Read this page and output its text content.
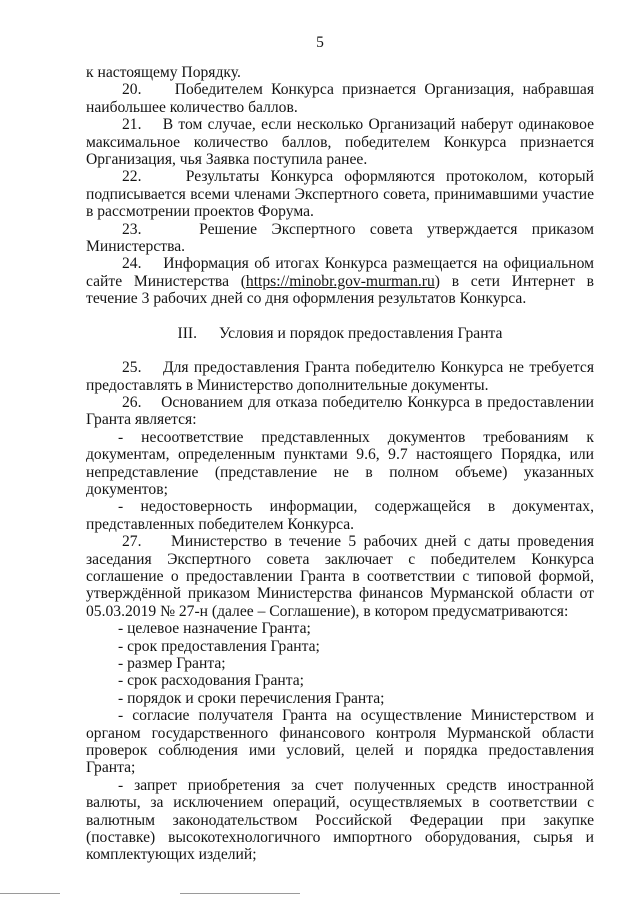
5

к настоящему Порядку.

20. Победителем Конкурса признается Организация, набравшая наибольшее количество баллов.

21. В том случае, если несколько Организаций наберут одинаковое максимальное количество баллов, победителем Конкурса признается Организация, чья Заявка поступила ранее.

22.	Результаты Конкурса оформляются протоколом, который подписывается всеми членами Экспертного совета, принимавшими участие в рассмотрении проектов Форума.

23.	Решение Экспертного совета утверждается приказом Министерства.

24. Информация об итогах Конкурса размещается на официальном сайте Министерства (https://minobr.gov-murman.ru) в сети Интернет в течение 3 рабочих дней со дня оформления результатов Конкурса.

III. Условия и порядок предоставления Гранта

25. Для предоставления Гранта победителю Конкурса не требуется предоставлять в Министерство дополнительные документы.

26. Основанием для отказа победителю Конкурса в предоставлении Гранта является:

- несоответствие представленных документов требованиям к документам, определенным пунктами 9.6, 9.7 настоящего Порядка, или непредставление (представление не в полном объеме) указанных документов;

- недостоверность информации, содержащейся в документах, представленных победителем Конкурса.

27. Министерство в течение 5 рабочих дней с даты проведения заседания Экспертного совета заключает с победителем Конкурса соглашение о предоставлении Гранта в соответствии с типовой формой, утверждённой приказом Министерства финансов Мурманской области от 05.03.2019 № 27-н (далее – Соглашение), в котором предусматриваются:

- целевое назначение Гранта;

- срок предоставления Гранта;

- размер Гранта;

- срок расходования Гранта;

- порядок и сроки перечисления Гранта;

- согласие получателя Гранта на осуществление Министерством и органом государственного финансового контроля Мурманской области проверок соблюдения ими условий, целей и порядка предоставления Гранта;

- запрет приобретения за счет полученных средств иностранной валюты, за исключением операций, осуществляемых в соответствии с валютным законодательством Российской Федерации при закупке (поставке) высокотехнологичного импортного оборудования, сырья и комплектующих изделий;
